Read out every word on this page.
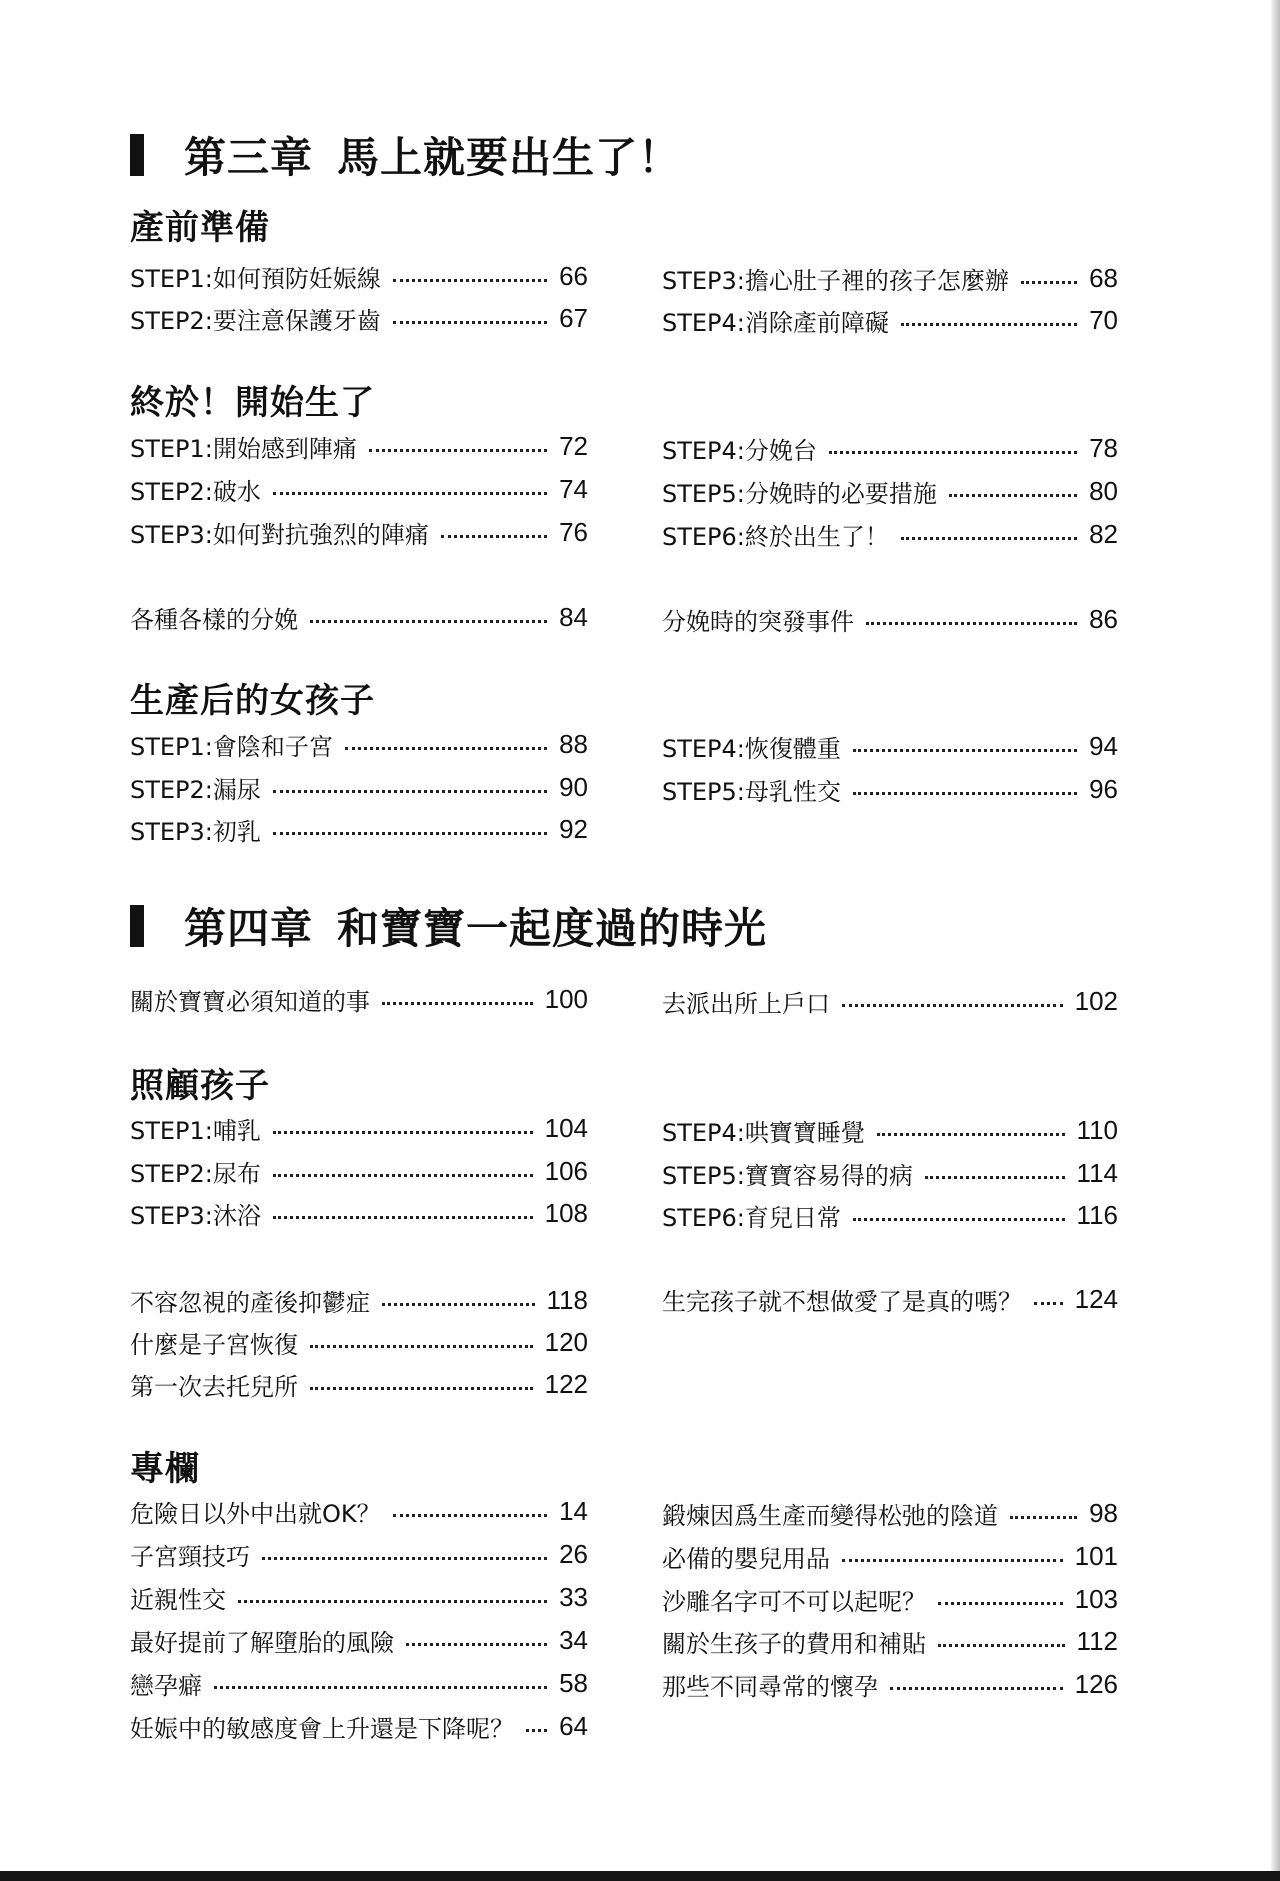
第三章 馬上就要出生了！
產前準備
STEP1:如何預防妊娠線	66
STEP2:要注意保護牙齒	67
STEP3:擔心肚子裡的孩子怎麼辦	68
STEP4:消除產前障礙	70
終於！開始生了
STEP1:開始感到陣痛	72
STEP2:破水	74
STEP3:如何對抗強烈的陣痛	76
STEP4:分娩台	78
STEP5:分娩時的必要措施	80
STEP6:終於出生了！	82
各種各樣的分娩	84	分娩時的突發事件	86
生產后的女孩子
STEP1:會陰和子宮	88
STEP2:漏尿	90
STEP3:初乳	92
STEP4:恢復體重	94
STEP5:母乳性交	96
第四章 和寶寶一起度過的時光
關於寶寶必須知道的事	100	去派出所上戶口	102
照顧孩子
STEP1:哺乳	104
STEP2:尿布	106
STEP3:沐浴	108
STEP4:哄寶寶睡覺	110
STEP5:寶寶容易得的病	114
STEP6:育兒日常	116
不容忽視的產後抑鬱症	118
什麼是子宮恢復	120
第一次去托兒所	122
生完孩子就不想做愛了是真的嗎？ 124
專欄
危險日以外中出就OK？	14
子宮頸技巧	26
近親性交	33
最好提前了解墮胎的風險	34
戀孕癖	58
妊娠中的敏感度會上升還是下降呢？ 64
鍛煉因爲生產而變得松弛的陰道	98
必備的嬰兒用品	101
沙雕名字可不可以起呢？	103
關於生孩子的費用和補貼	112
那些不同尋常的懷孕	126
